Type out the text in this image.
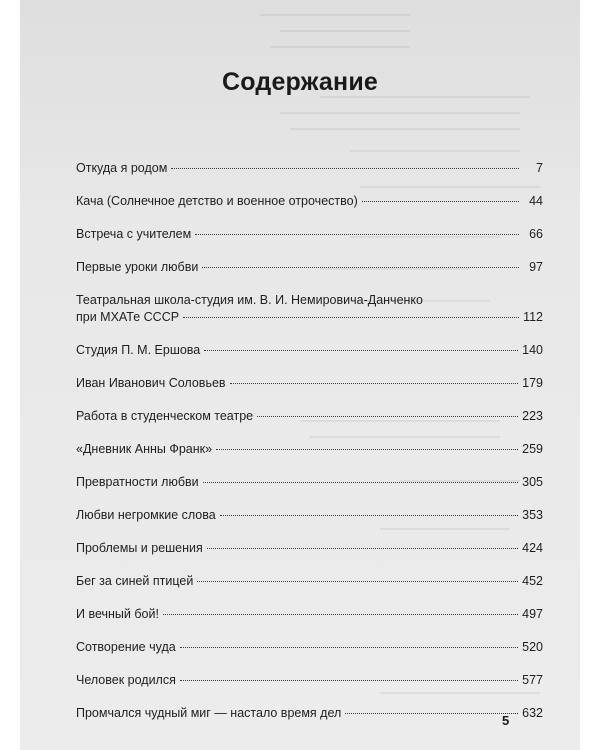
Содержание
Откуда я родом	7
Кача (Солнечное детство и военное отрочество)	44
Встреча с учителем	66
Первые уроки любви	97
Театральная школа-студия им. В. И. Немировича-Данченко
при МХАТе СССР	112
Студия П. М. Ершова	140
Иван Иванович Соловьев	179
Работа в студенческом театре	223
«Дневник Анны Франк»	259
Превратности любви	305
Любви негромкие слова	353
Проблемы и решения	424
Бег за синей птицей	452
И вечный бой!	497
Сотворение чуда	520
Человек родился	577
Промчался чудный миг — настало время дел	632
5
